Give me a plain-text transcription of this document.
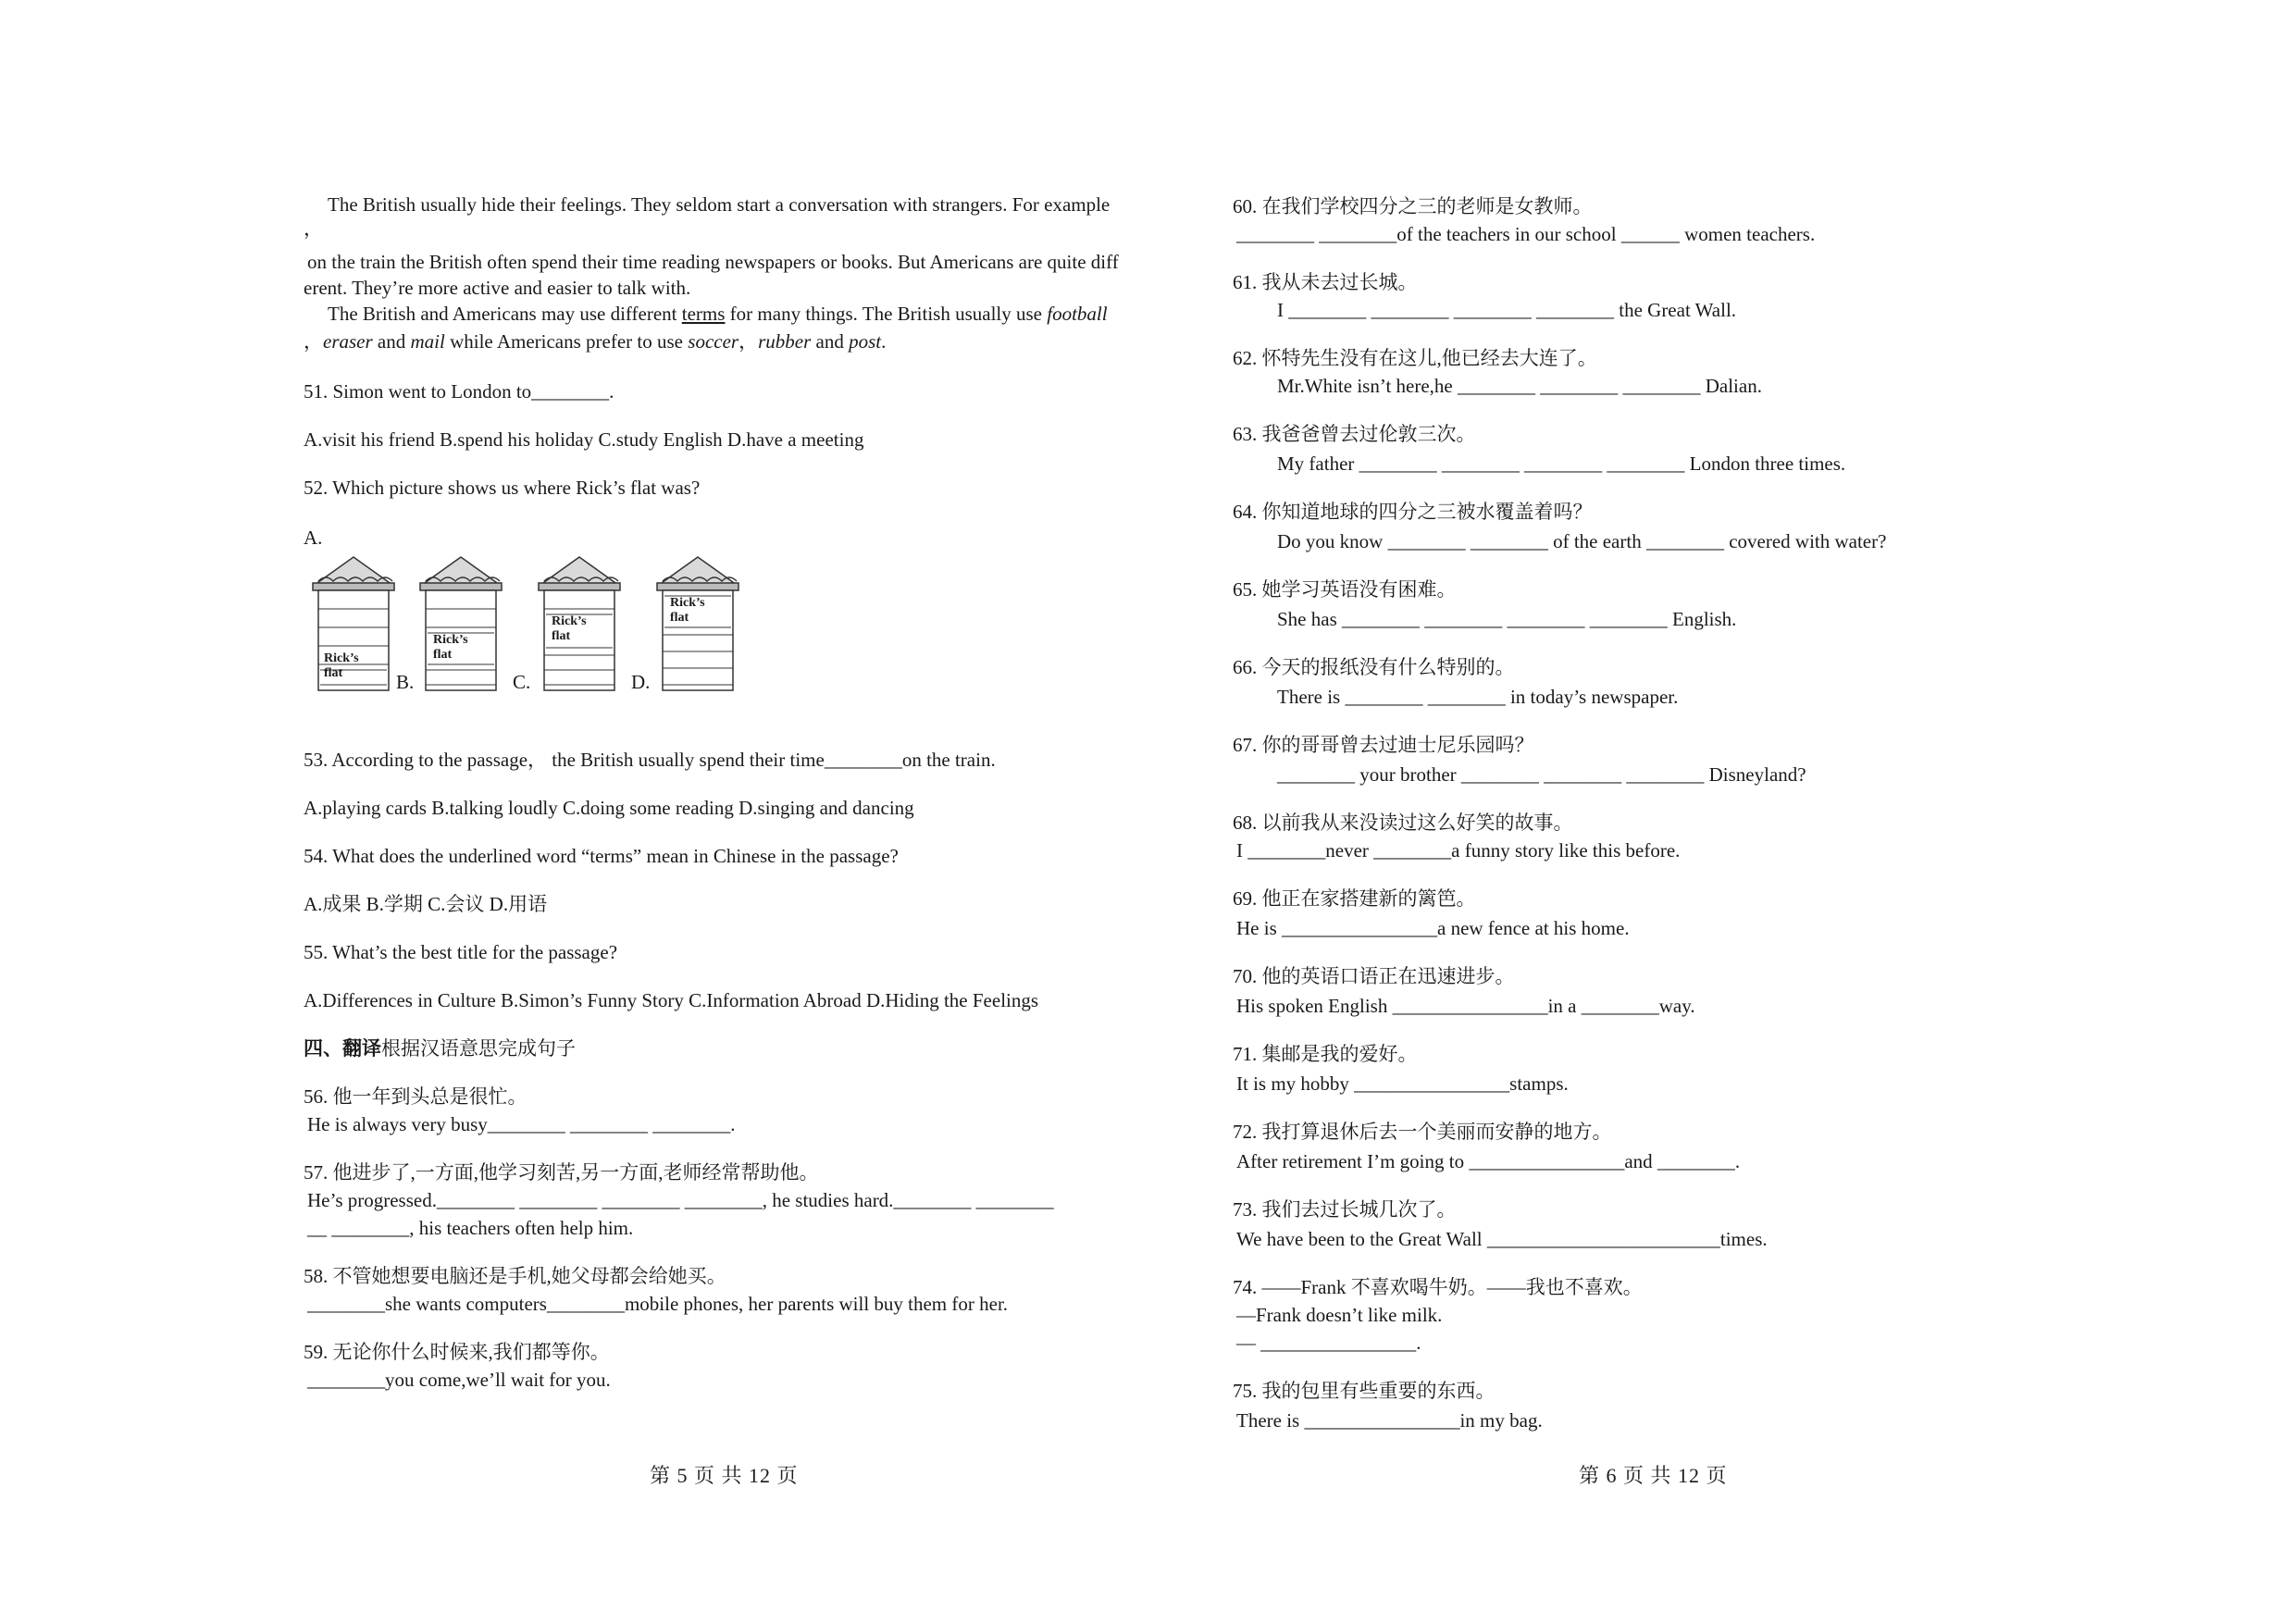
The British usually hide their feelings. They seldom start a conversation with strangers. For example
，
on the train the British often spend their time reading newspapers or books. But Americans are quite diff
erent. They’re more active and easier to talk with.
The British and Americans may use different terms for many things. The British usually use football
，eraser and mail while Americans prefer to use soccer，rubber and post.
51. Simon went to London to________.
A.visit his friend B.spend his holiday C.study English D.have a meeting
52. Which picture shows us where Rick’s flat was?
A.
Rick’s
flat	B.
Rick’s
flat
C.
Rick’s
flat
D.
Rick’s
flat
53. According to the passage， the British usually spend their time________on the train.
A.playing cards B.talking loudly C.doing some reading D.singing and dancing
54. What does the underlined word “terms” mean in Chinese in the passage?
A.成果 B.学期 C.会议 D.用语
55. What’s the best title for the passage?
A.Differences in Culture B.Simon’s Funny Story C.Information Abroad D.Hiding the Feelings
四、翻译根据汉语意思完成句子
56. 他一年到头总是很忙。
He is always very busy________ ________ ________.
57. 他进步了,一方面,他学习刻苦,另一方面,老师经常帮助他。
He’s progressed.________ ________ ________ ________, he studies hard.________ ________
__ ________, his teachers often help him.
58. 不管她想要电脑还是手机,她父母都会给她买。
________she wants computers________mobile phones, her parents will buy them for her.
59. 无论你什么时候来,我们都等你。
________you come,we’ll wait for you.
第 5 页 共 12 页
60. 在我们学校四分之三的老师是女教师。
________ ________of the teachers in our school ______ women teachers.
61. 我从未去过长城。
I ________ ________ ________ ________ the Great Wall.
62. 怀特先生没有在这儿,他已经去大连了。
Mr.White isn’t here,he ________ ________ ________ Dalian.
63. 我爸爸曾去过伦敦三次。
My father ________ ________ ________ ________ London three times.
64. 你知道地球的四分之三被水覆盖着吗？
Do you know ________ ________ of the earth ________ covered with water?
65. 她学习英语没有困难。
She has ________ ________ ________ ________ English.
66. 今天的报纸没有什么特别的。
There is ________ ________ in today’s newspaper.
67. 你的哥哥曾去过迪士尼乐园吗？
________ your brother ________ ________ ________ Disneyland?
68. 以前我从来没读过这么好笑的故事。
I ________never ________a funny story like this before.
69. 他正在家搭建新的篱笆。
He is ________________a new fence at his home.
70. 他的英语口语正在迅速进步。
His spoken English ________________in a ________way.
71. 集邮是我的爱好。
It is my hobby ________________stamps.
72. 我打算退休后去一个美丽而安静的地方。
After retirement I’m going to ________________and ________.
73. 我们去过长城几次了。
We have been to the Great Wall ________________________times.
74. ——Frank 不喜欢喝牛奶。——我也不喜欢。
—Frank doesn’t like milk.
— ________________.
75. 我的包里有些重要的东西。
There is ________________in my bag.
第 6 页 共 12 页
